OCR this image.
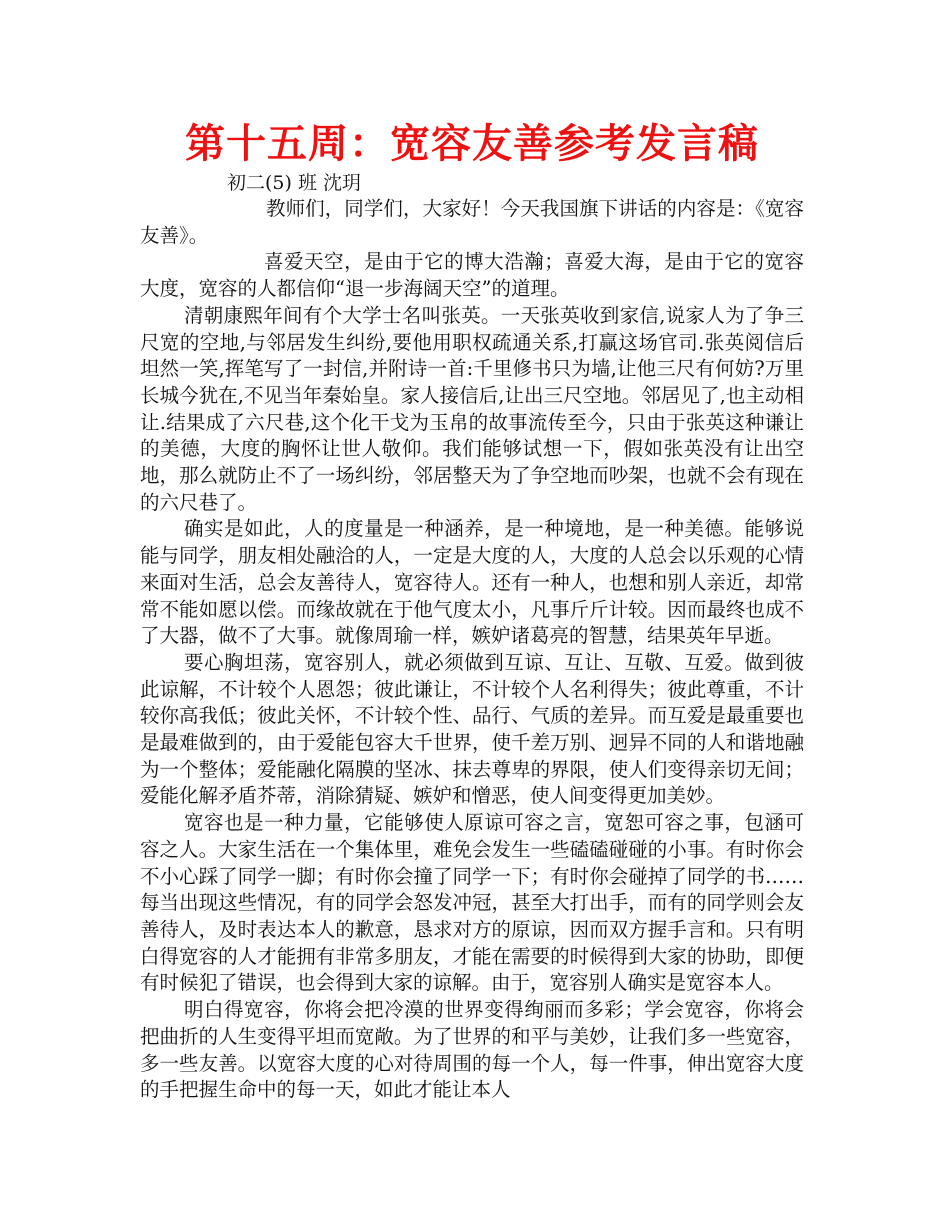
第十五周：宽容友善参考发言稿

初二(5) 班 沈玥

教师们，同学们，大家好！今天我国旗下讲话的内容是：《宽容友善》。

喜爱天空，是由于它的博大浩瀚；喜爱大海，是由于它的宽容大度，宽容的人都信仰“退一步海阔天空”的道理。

清朝康熙年间有个大学士名叫张英。一天张英收到家信,说家人为了争三尺宽的空地,与邻居发生纠纷,要他用职权疏通关系,打赢这场官司.张英阅信后坦然一笑,挥笔写了一封信,并附诗一首:千里修书只为墙,让他三尺有何妨?万里长城今犹在,不见当年秦始皇。家人接信后,让出三尺空地。邻居见了,也主动相让.结果成了六尺巷,这个化干戈为玉帛的故事流传至今，只由于张英这种谦让的美德，大度的胸怀让世人敬仰。我们能够试想一下，假如张英没有让出空地，那么就防止不了一场纠纷，邻居整天为了争空地而吵架，也就不会有现在的六尺巷了。

确实是如此，人的度量是一种涵养，是一种境地，是一种美德。能够说能与同学，朋友相处融洽的人，一定是大度的人，大度的人总会以乐观的心情来面对生活，总会友善待人，宽容待人。还有一种人，也想和别人亲近，却常常不能如愿以偿。而缘故就在于他气度太小，凡事斤斤计较。因而最终也成不了大器，做不了大事。就像周瑜一样，嫉妒诸葛亮的智慧，结果英年早逝。

要心胸坦荡，宽容别人，就必须做到互谅、互让、互敬、互爱。做到彼此谅解，不计较个人恩怨；彼此谦让，不计较个人名利得失；彼此尊重，不计较你高我低；彼此关怀，不计较个性、品行、气质的差异。而互爱是最重要也是最难做到的，由于爱能包容大千世界，使千差万别、迥异不同的人和谐地融为一个整体；爱能融化隔膜的坚冰、抹去尊卑的界限，使人们变得亲切无间；爱能化解矛盾芥蒂，消除猜疑、嫉妒和憎恶，使人间变得更加美妙。

宽容也是一种力量，它能够使人原谅可容之言，宽恕可容之事，包涵可容之人。大家生活在一个集体里，难免会发生一些磕磕碰碰的小事。有时你会不小心踩了同学一脚；有时你会撞了同学一下；有时你会碰掉了同学的书……每当出现这些情况，有的同学会怒发冲冠，甚至大打出手，而有的同学则会友善待人，及时表达本人的歉意，恳求对方的原谅，因而双方握手言和。只有明白得宽容的人才能拥有非常多朋友，才能在需要的时候得到大家的协助，即便有时候犯了错误，也会得到大家的谅解。由于，宽容别人确实是宽容本人。

明白得宽容，你将会把冷漠的世界变得绚丽而多彩；学会宽容，你将会把曲折的人生变得平坦而宽敞。为了世界的和平与美妙，让我们多一些宽容，多一些友善。以宽容大度的心对待周围的每一个人，每一件事，伸出宽容大度的手把握生命中的每一天，如此才能让本人
